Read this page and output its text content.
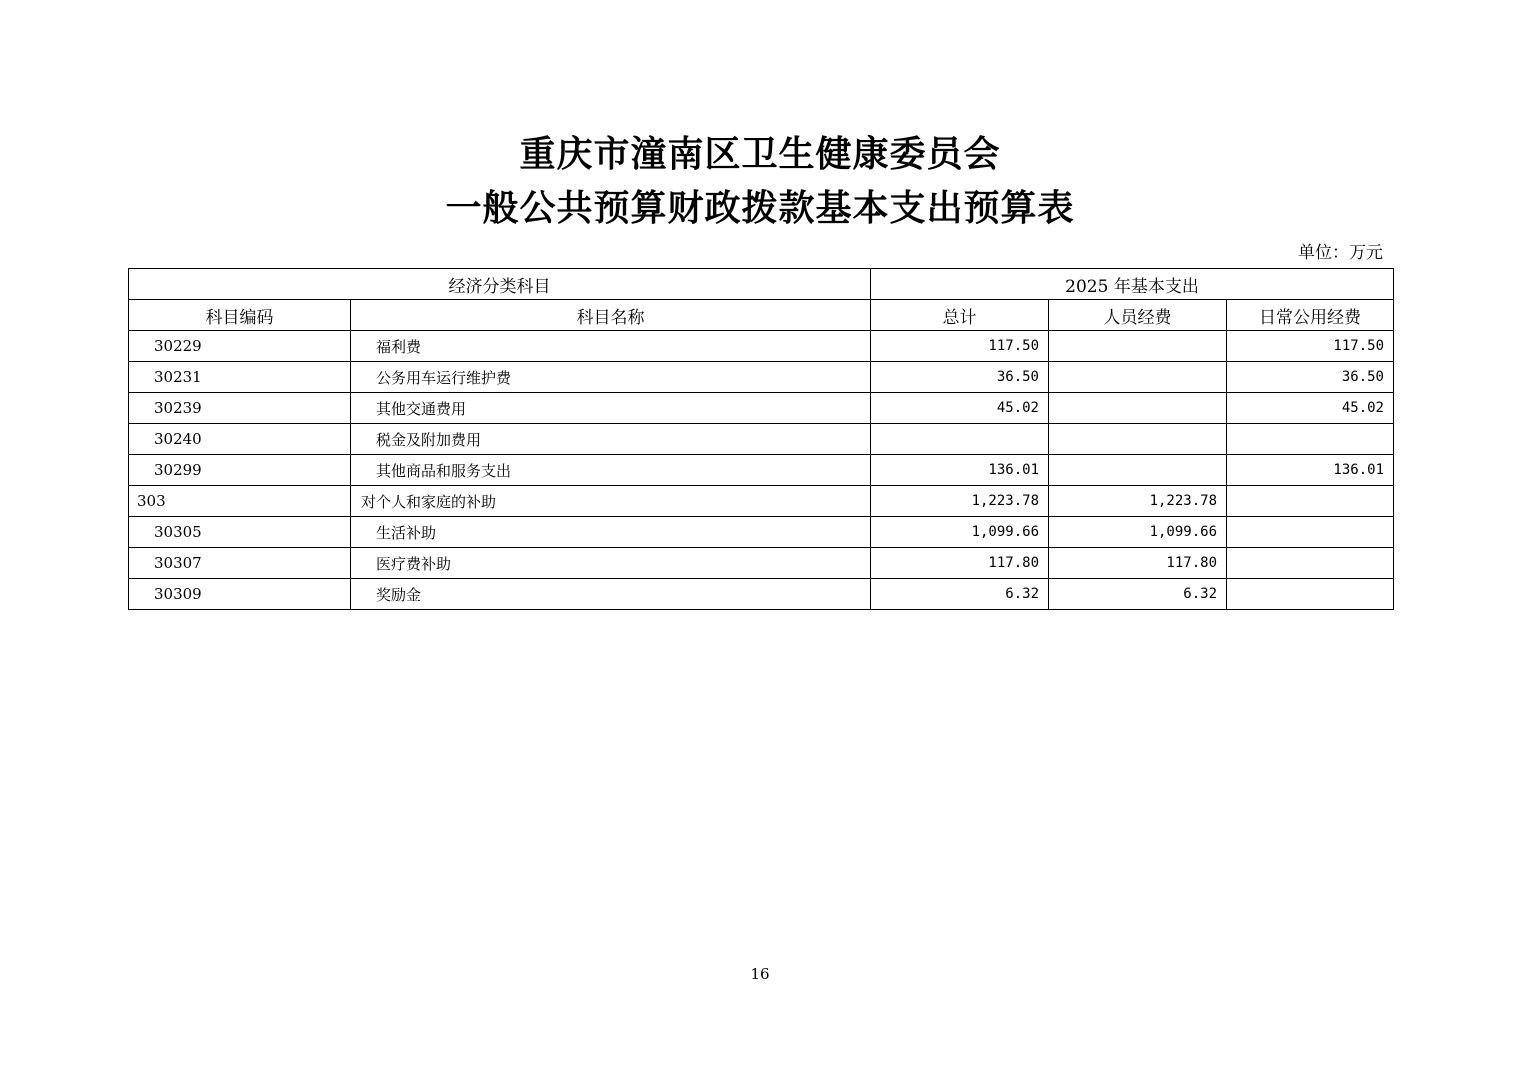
重庆市潼南区卫生健康委员会
一般公共预算财政拨款基本支出预算表
单位：万元
经济分类科目		2025 年基本支出		
科目编码	科目名称	总计	人员经费	日常公用经费
30229	福利费	117.50		117.50
30231	公务用车运行维护费	36.50		36.50
30239	其他交通费用	45.02		45.02
30240	税金及附加费用			
30299	其他商品和服务支出	136.01		136.01
303	对个人和家庭的补助	1,223.78	1,223.78	
30305	生活补助	1,099.66	1,099.66	
30307	医疗费补助	117.80	117.80	
30309	奖励金	6.32	6.32	
16
